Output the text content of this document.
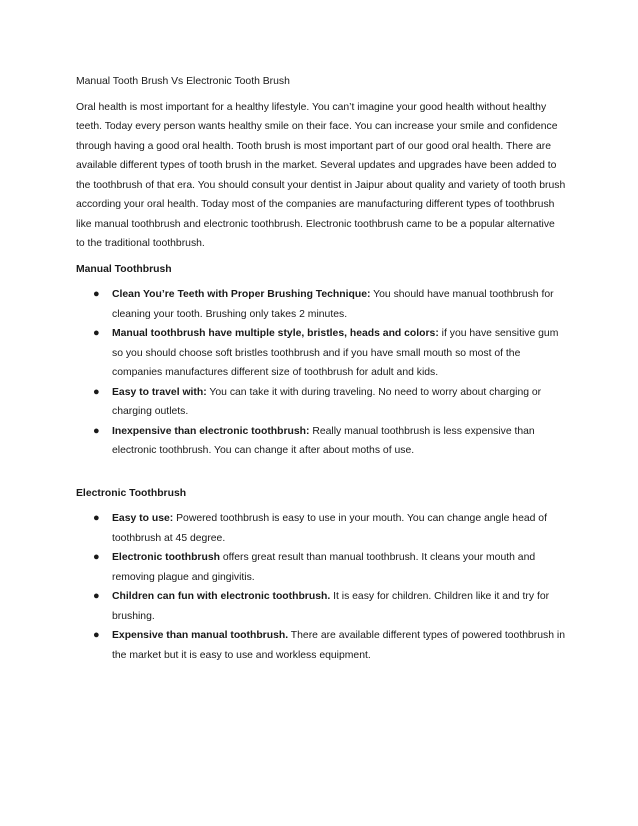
Manual Tooth Brush Vs Electronic Tooth Brush

Oral health is most important for a healthy lifestyle. You can’t imagine your good health without healthy teeth. Today every person wants healthy smile on their face. You can increase your smile and confidence through having a good oral health. Tooth brush is most important part of our good oral health. There are available different types of tooth brush in the market. Several updates and upgrades have been added to the toothbrush of that era. You should consult your dentist in Jaipur about quality and variety of tooth brush according your oral health. Today most of the companies are manufacturing different types of toothbrush like manual toothbrush and electronic toothbrush. Electronic toothbrush came to be a popular alternative to the traditional toothbrush.

Manual Toothbrush

● Clean You’re Teeth with Proper Brushing Technique: You should have manual toothbrush for cleaning your tooth. Brushing only takes 2 minutes.
● Manual toothbrush have multiple style, bristles, heads and colors: if you have sensitive gum so you should choose soft bristles toothbrush and if you have small mouth so most of the companies manufactures different size of toothbrush for adult and kids.
● Easy to travel with: You can take it with during traveling. No need to worry about charging or charging outlets.
● Inexpensive than electronic toothbrush: Really manual toothbrush is less expensive than electronic toothbrush. You can change it after about moths of use.

Electronic Toothbrush

● Easy to use: Powered toothbrush is easy to use in your mouth. You can change angle head of toothbrush at 45 degree.
● Electronic toothbrush offers great result than manual toothbrush. It cleans your mouth and removing plague and gingivitis.
● Children can fun with electronic toothbrush. It is easy for children. Children like it and try for brushing.
● Expensive than manual toothbrush. There are available different types of powered toothbrush in the market but it is easy to use and workless equipment.
